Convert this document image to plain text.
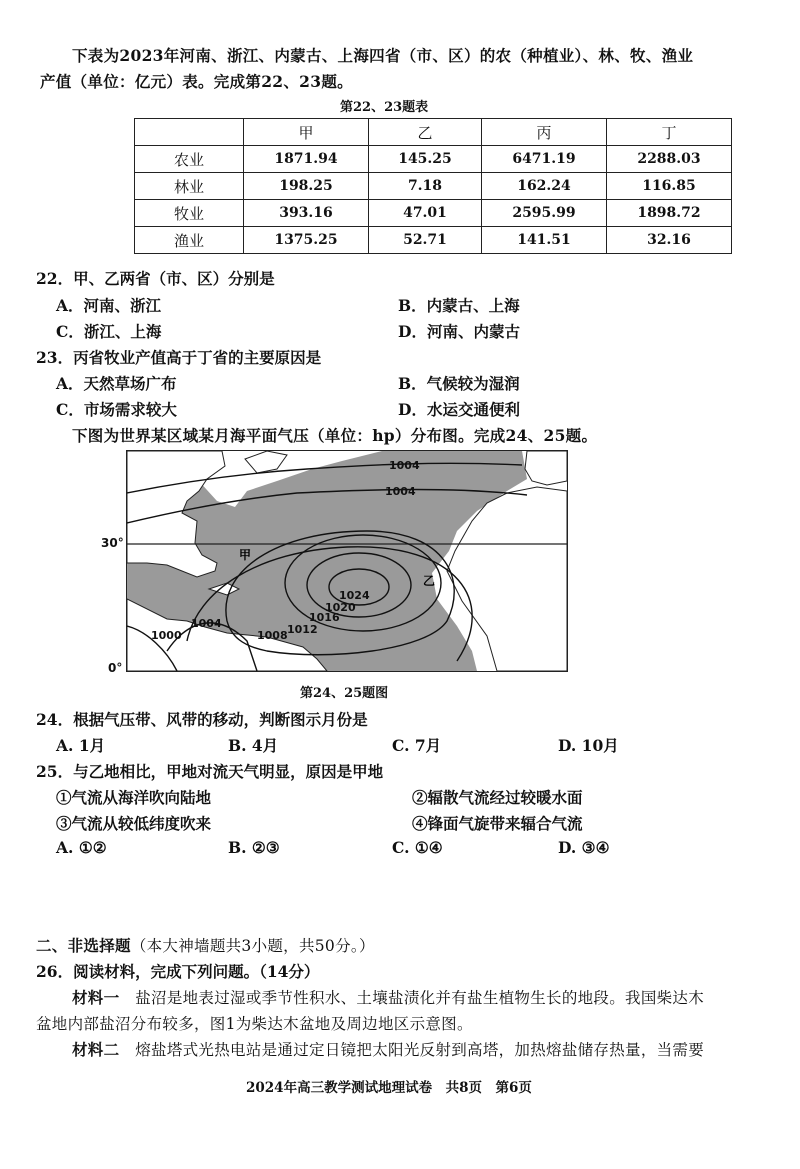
下表为2023年河南、浙江、内蒙古、上海四省（市、区）的农（种植业）、林、牧、渔业
产值（单位：亿元）表。完成第22、23题。
第22、23题表
	甲	乙	丙	丁
农业	1871.94	145.25	6471.19	2288.03
林业	198.25	7.18	162.24	116.85
牧业	393.16	47.01	2595.99	1898.72
渔业	1375.25	52.71	141.51	32.16
22．甲、乙两省（市、区）分别是
A．河南、浙江	B．内蒙古、上海
C．浙江、上海	D．河南、内蒙古
23．丙省牧业产值高于丁省的主要原因是
A．天然草场广布	B．气候较为湿润
C．市场需求较大	D．水运交通便利
下图为世界某区域某月海平面气压（单位：hp）分布图。完成24、25题。
30°
0°
1004
1004
1024
1020
1016
1012
1008
1004
1000
甲
乙
第24、25题图
24．根据气压带、风带的移动，判断图示月份是
A. 1月	B. 4月	C. 7月	D. 10月
25．与乙地相比，甲地对流天气明显，原因是甲地
①气流从海洋吹向陆地	②辐散气流经过较暖水面
③气流从较低纬度吹来	④锋面气旋带来辐合气流
A. ①②	B. ②③	C. ①④	D. ③④
二、非选择题（本大神墙题共3小题，共50分。）
26．阅读材料，完成下列问题。（14分）
材料一　 盐沼是地表过湿或季节性积水、土壤盐渍化并有盐生植物生长的地段。我国柴达木
盆地内部盐沼分布较多，图1为柴达木盆地及周边地区示意图。
材料二　 熔盐塔式光热电站是通过定日镜把太阳光反射到高塔，加热熔盐储存热量，当需要
2024年高三教学测试地理试卷　共8页　第6页
